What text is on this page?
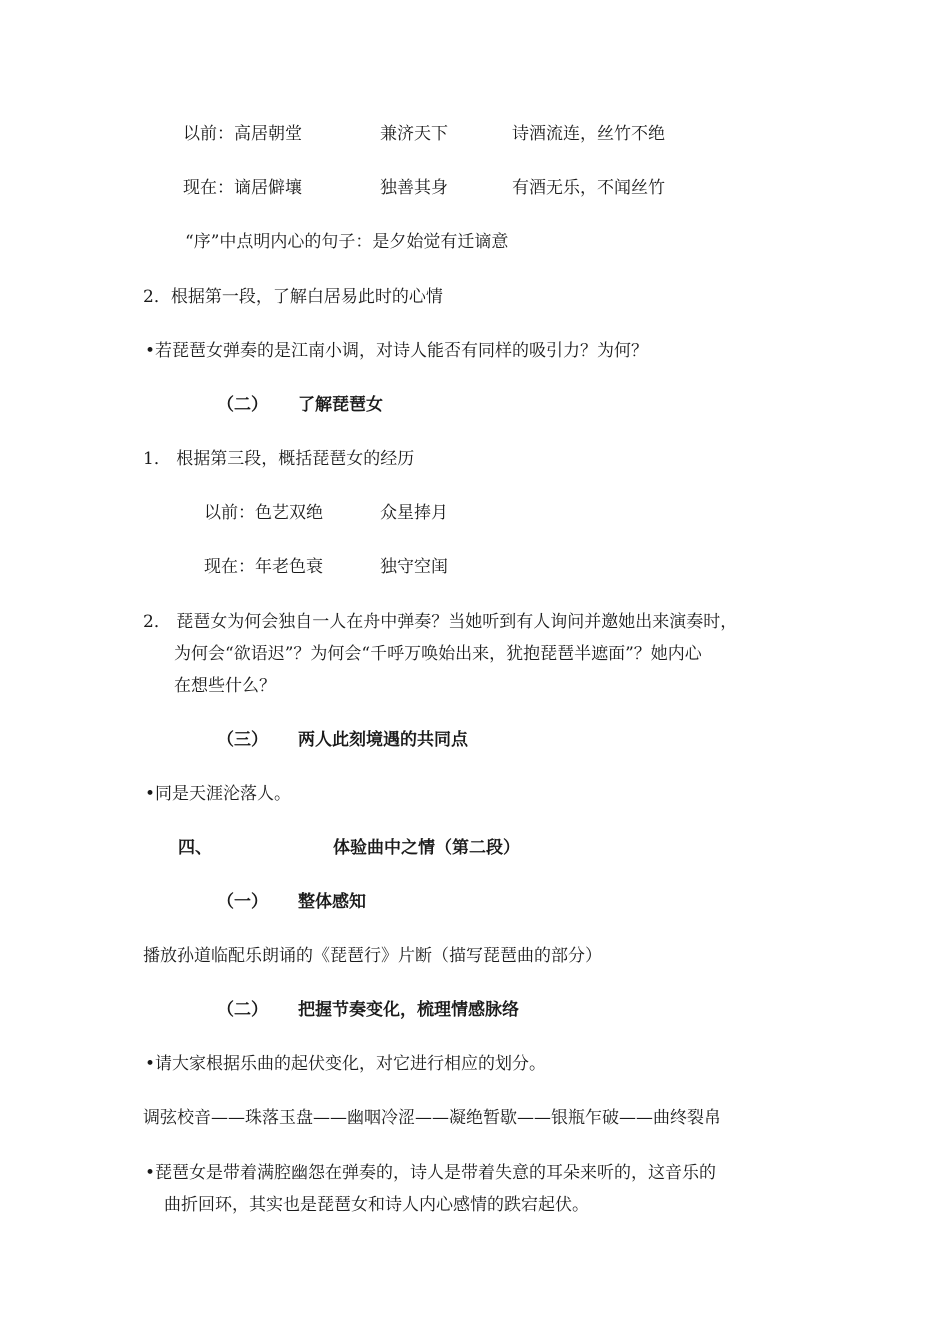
以前：高居朝堂	兼济天下	诗酒流连，丝竹不绝
现在：谪居僻壤	独善其身	有酒无乐，不闻丝竹
“序”中点明内心的句子：是夕始觉有迁谪意
2．根据第一段，了解白居易此时的心情
•若琵琶女弹奏的是江南小调，对诗人能否有同样的吸引力？为何？
（二） 了解琵琶女
1． 根据第三段，概括琵琶女的经历
以前：色艺双绝	众星捧月
现在：年老色衰	独守空闺
2． 琵琶女为何会独自一人在舟中弹奏？当她听到有人询问并邀她出来演奏时，
为何会“欲语迟”？为何会“千呼万唤始出来，犹抱琵琶半遮面”？她内心
在想些什么？
（三） 两人此刻境遇的共同点
•同是天涯沦落人。
四、	体验曲中之情（第二段）
（一） 整体感知
播放孙道临配乐朗诵的《琵琶行》片断（描写琵琶曲的部分）
（二） 把握节奏变化，梳理情感脉络
•请大家根据乐曲的起伏变化，对它进行相应的划分。
调弦校音——珠落玉盘——幽咽冷涩——凝绝暂歇——银瓶乍破——曲终裂帛
•琵琶女是带着满腔幽怨在弹奏的，诗人是带着失意的耳朵来听的，这音乐的
曲折回环，其实也是琵琶女和诗人内心感情的跌宕起伏。
